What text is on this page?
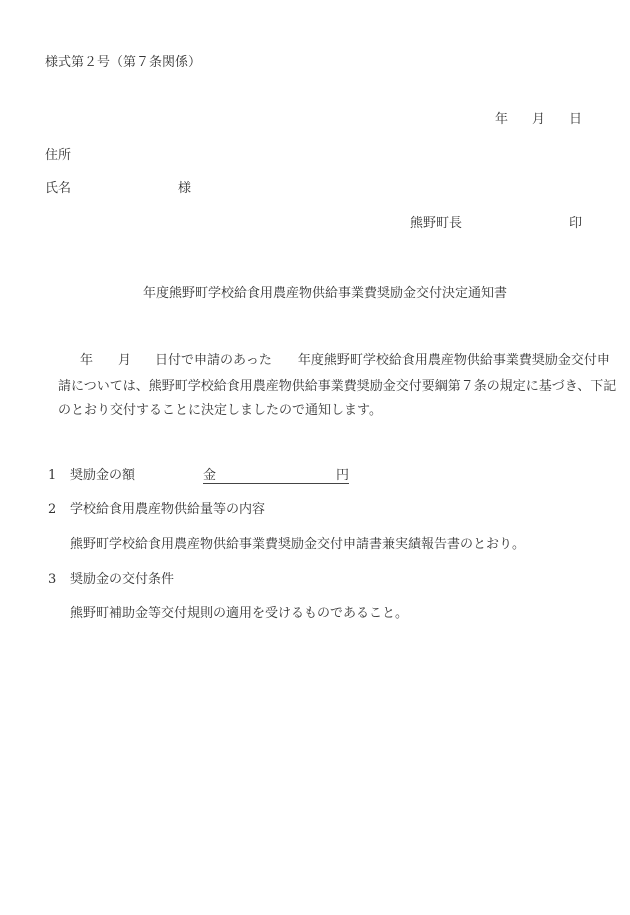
様式第２号（第７条関係）
年 月 日
住所
氏名	様
熊野町長	印
年度熊野町学校給食用農産物供給事業費奨励金交付決定通知書
年 月 日付で申請のあった 年度熊野町学校給食用農産物供給事業費奨励金交付申
請については、熊野町学校給食用農産物供給事業費奨励金交付要綱第７条の規定に基づき、下記
のとおり交付することに決定しましたので通知します。
1 奨励金の額	金	円
2 学校給食用農産物供給量等の内容
熊野町学校給食用農産物供給事業費奨励金交付申請書兼実績報告書のとおり。
3 奨励金の交付条件
熊野町補助金等交付規則の適用を受けるものであること。
